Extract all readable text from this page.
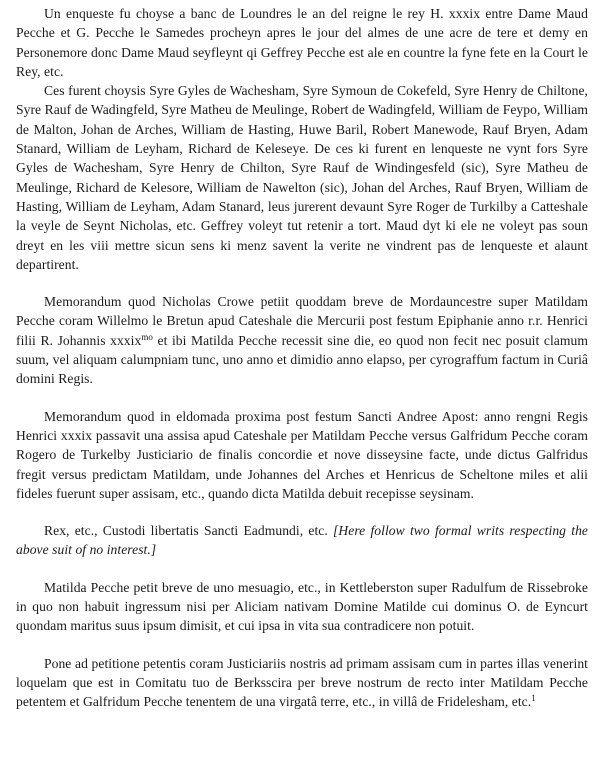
Un enqueste fu choyse a banc de Loundres le an del reigne le rey H. xxxix entre Dame Maud Pecche et G. Pecche le Samedes procheyn apres le jour del almes de une acre de tere et demy en Personemore donc Dame Maud seyfleynt qi Geffrey Pecche est ale en countre la fyne fete en la Court le Rey, etc.

Ces furent choysis Syre Gyles de Wachesham, Syre Symoun de Cokefeld, Syre Henry de Chiltone, Syre Rauf de Wadingfeld, Syre Matheu de Meulinge, Robert de Wadingfeld, William de Feypo, William de Malton, Johan de Arches, William de Hasting, Huwe Baril, Robert Manewode, Rauf Bryen, Adam Stanard, William de Leyham, Richard de Keleseye. De ces ki furent en lenqueste ne vynt fors Syre Gyles de Wachesham, Syre Henry de Chilton, Syre Rauf de Windingesfeld (sic), Syre Matheu de Meulinge, Richard de Kelesore, William de Nawelton (sic), Johan del Arches, Rauf Bryen, William de Hasting, William de Leyham, Adam Stanard, leus jurerent devaunt Syre Roger de Turkilby a Catteshale la veyle de Seynt Nicholas, etc. Geffrey voleyt tut retenir a tort. Maud dyt ki ele ne voleyt pas soun dreyt en les viii mettre sicun sens ki menz savent la verite ne vindrent pas de lenqueste et alaunt departirent.

Memorandum quod Nicholas Crowe petiit quoddam breve de Mordauncestre super Matildam Pecche coram Willelmo le Bretun apud Cateshale die Mercurii post festum Epiphanie anno r.r. Henrici filii R. Johannis xxxix$^{mo}$ et ibi Matilda Pecche recessit sine die, eo quod non fecit nec posuit clamum suum, vel aliquam calumpniam tunc, uno anno et dimidio anno elapso, per cyrograffum factum in Curiâ domini Regis.

Memorandum quod in eldomada proxima post festum Sancti Andree Apost: anno rengni Regis Henrici xxxix passavit una assisa apud Cateshale per Matildam Pecche versus Galfridum Pecche coram Rogero de Turkelby Justiciario de finalis concordie et nove disseysine facte, unde dictus Galfridus fregit versus predictam Matildam, unde Johannes del Arches et Henricus de Scheltone miles et alii fideles fuerunt super assisam, etc., quando dicta Matilda debuit recepisse seysinam.

Rex, etc., Custodi libertatis Sancti Eadmundi, etc. [Here follow two formal writs respecting the above suit of no interest.]

Matilda Pecche petit breve de uno mesuagio, etc., in Kettleberston super Radulfum de Rissebroke in quo non habuit ingressum nisi per Aliciam nativam Domine Matilde cui dominus O. de Eyncurt quondam maritus suus ipsum dimisit, et cui ipsa in vita sua contradicere non potuit.

Pone ad petitione petentis coram Justiciariis nostris ad primam assisam cum in partes illas venerint loquelam que est in Comitatu tuo de Berksscira per breve nostrum de recto inter Matildam Pecche petentem et Galfridum Pecche tenentem de una virgatâ terre, etc., in villâ de Fridelesham, etc.$^1$
